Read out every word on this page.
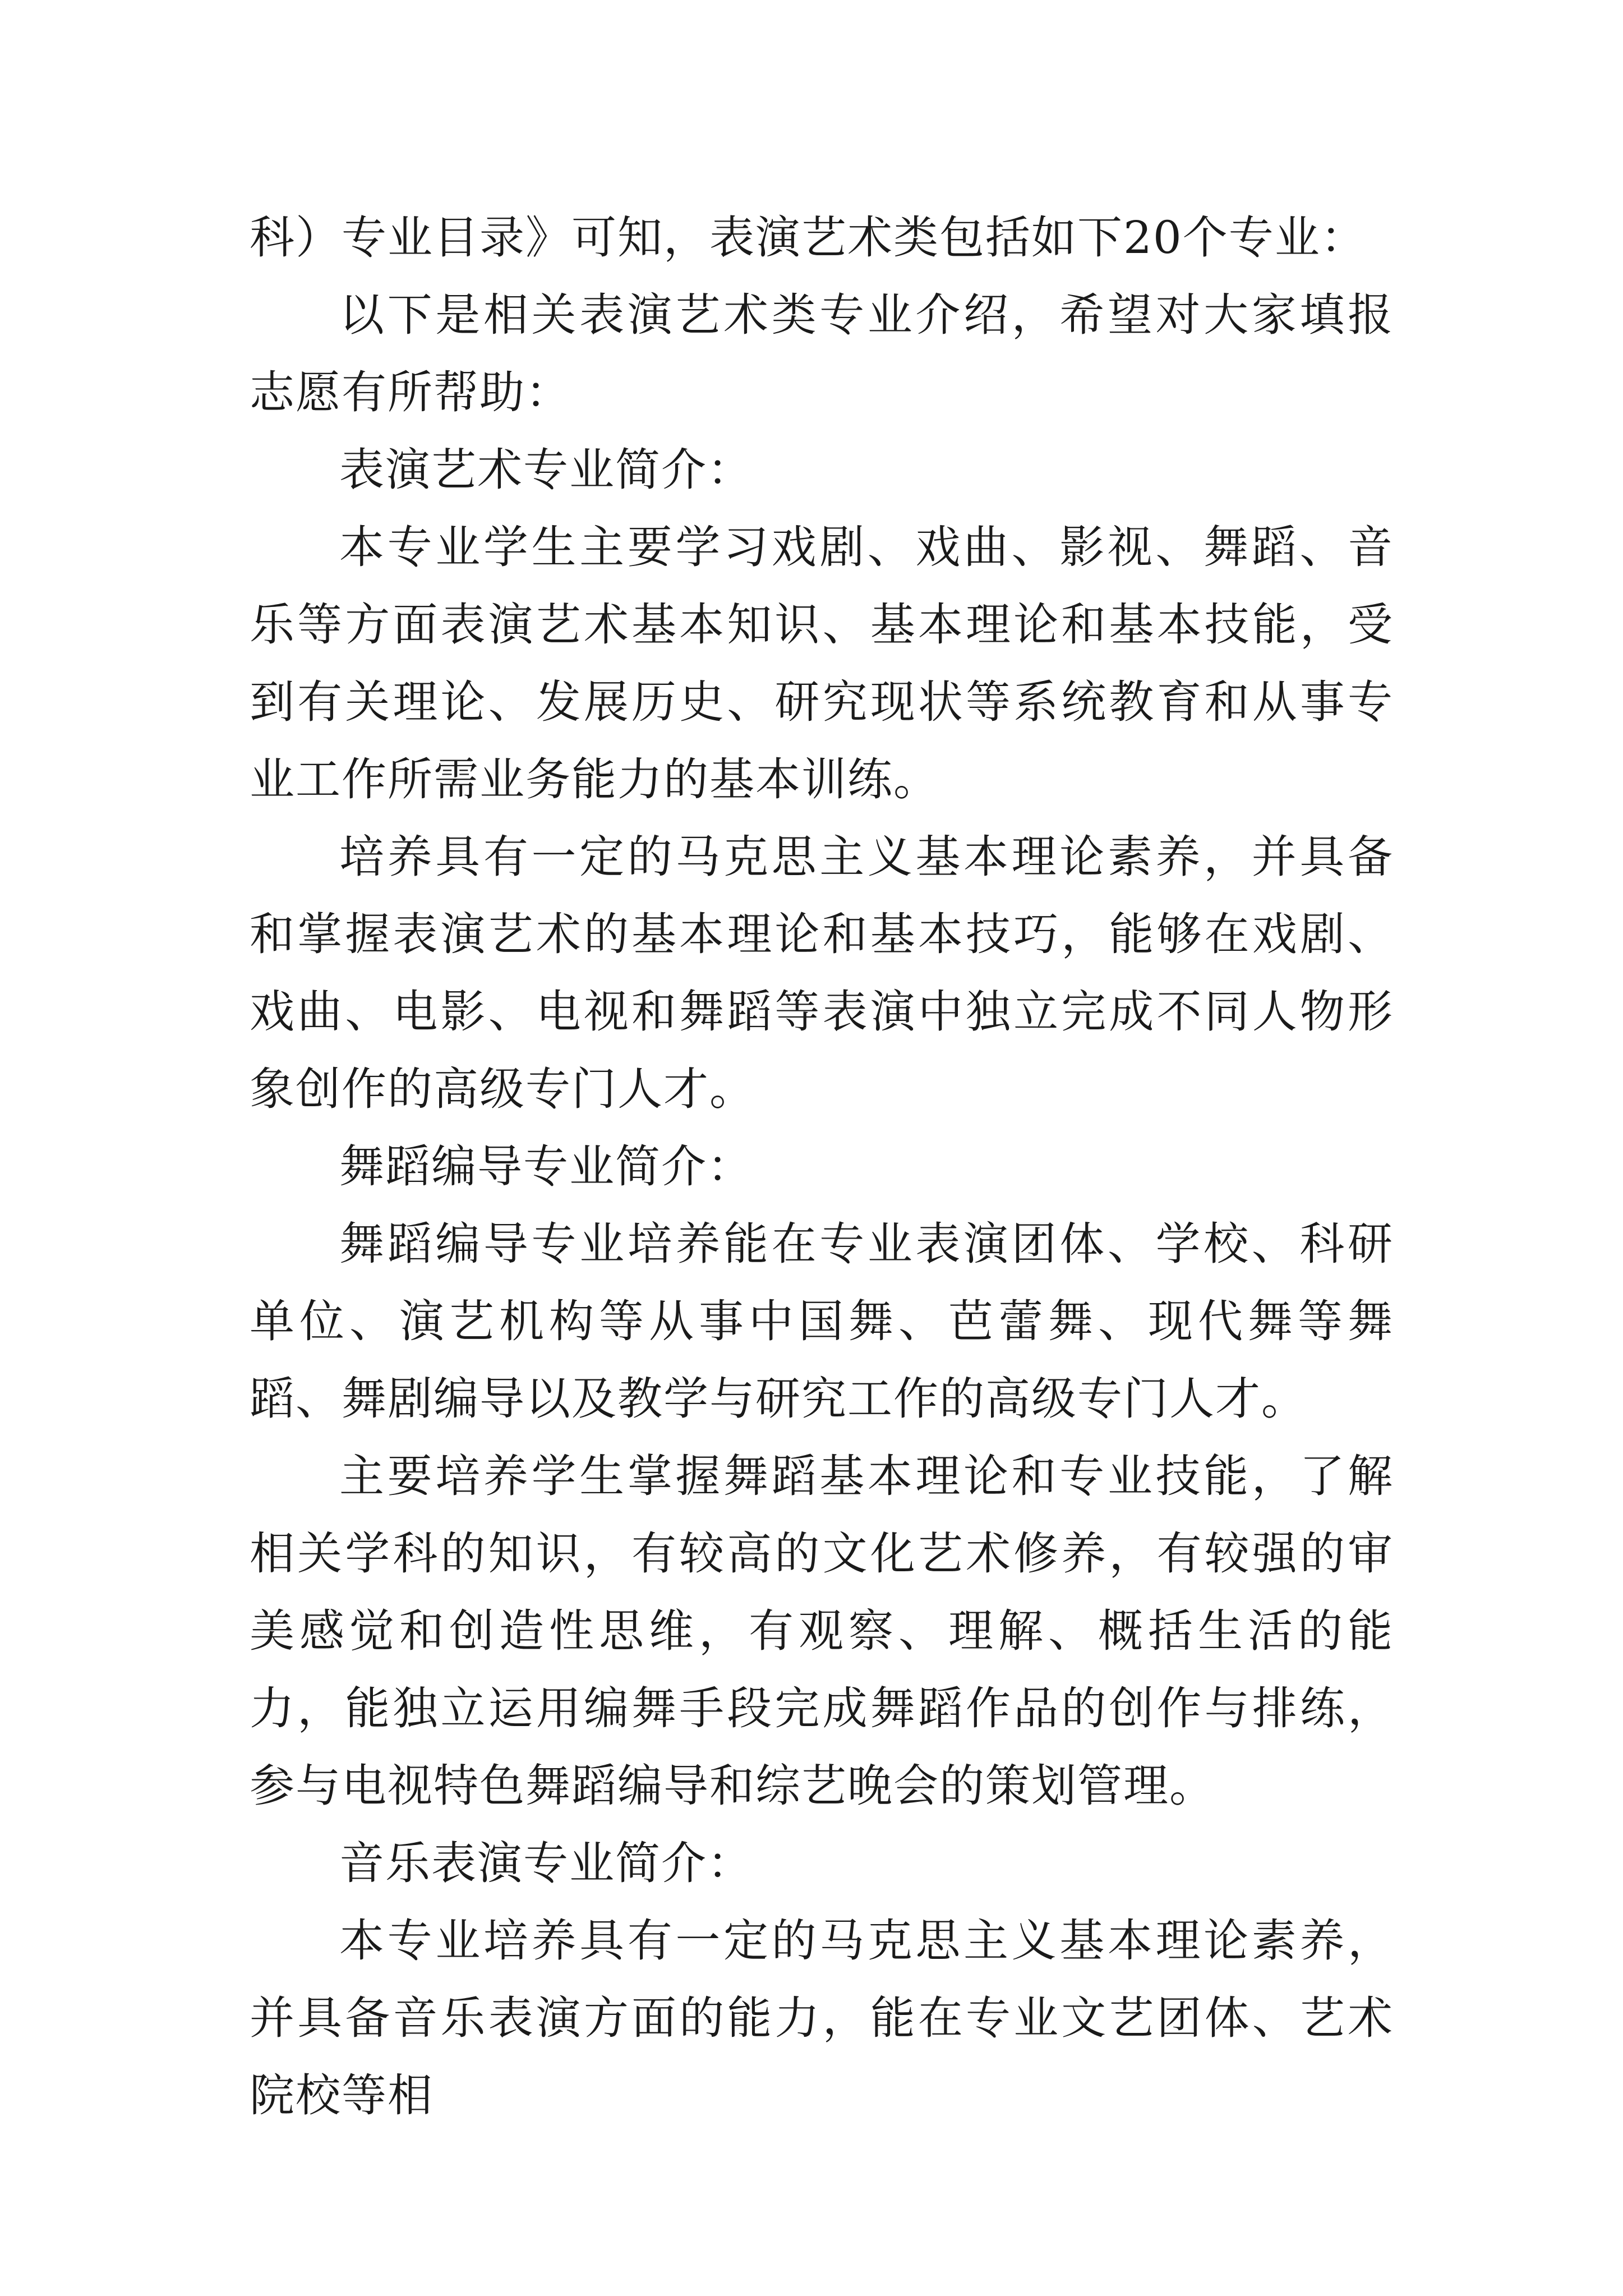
科）专业目录》可知，表演艺术类包括如下20个专业：

以下是相关表演艺术类专业介绍，希望对大家填报志愿有所帮助：

表演艺术专业简介：

本专业学生主要学习戏剧、戏曲、影视、舞蹈、音乐等方面表演艺术基本知识、基本理论和基本技能，受到有关理论、发展历史、研究现状等系统教育和从事专业工作所需业务能力的基本训练。

培养具有一定的马克思主义基本理论素养，并具备和掌握表演艺术的基本理论和基本技巧，能够在戏剧、戏曲、电影、电视和舞蹈等表演中独立完成不同人物形象创作的高级专门人才。

舞蹈编导专业简介：

舞蹈编导专业培养能在专业表演团体、学校、科研单位、演艺机构等从事中国舞、芭蕾舞、现代舞等舞蹈、舞剧编导以及教学与研究工作的高级专门人才。

主要培养学生掌握舞蹈基本理论和专业技能，了解相关学科的知识，有较高的文化艺术修养，有较强的审美感觉和创造性思维，有观察、理解、概括生活的能力，能独立运用编舞手段完成舞蹈作品的创作与排练，参与电视特色舞蹈编导和综艺晚会的策划管理。

音乐表演专业简介：

本专业培养具有一定的马克思主义基本理论素养，并具备音乐表演方面的能力，能在专业文艺团体、艺术院校等相
